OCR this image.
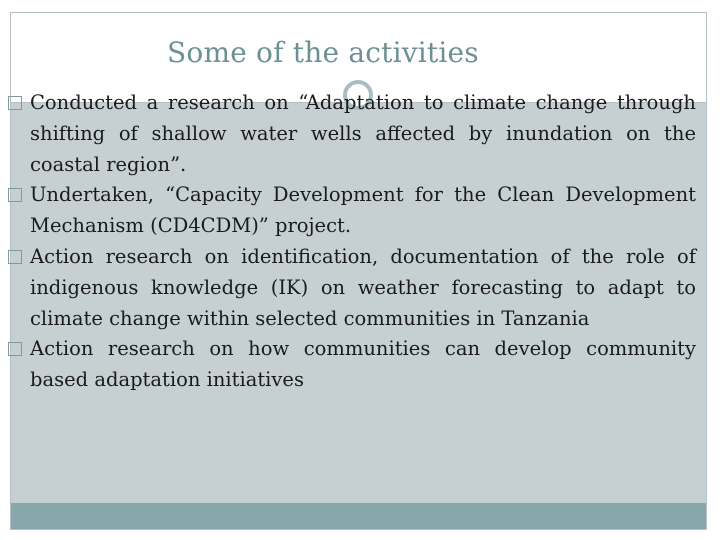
Some of the activities
Conducted a research on “Adaptation to climate change through shifting of shallow water wells affected by inundation on the coastal region”.
Undertaken, “Capacity Development for the Clean Development Mechanism (CD4CDM)” project.
Action research on identification, documentation of the role of indigenous knowledge (IK) on weather forecasting to adapt to climate change within selected communities in Tanzania
Action research on how communities can develop community based adaptation initiatives
